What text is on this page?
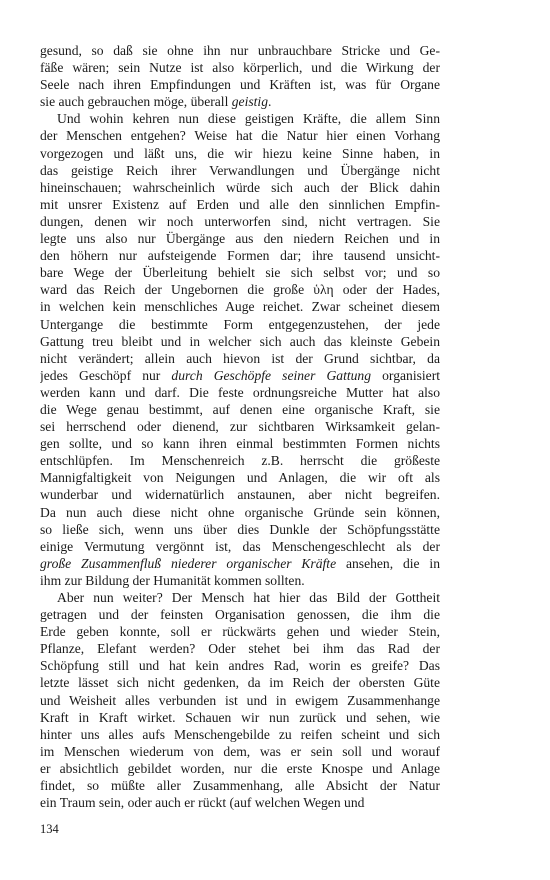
gesund, so daß sie ohne ihn nur unbrauchbare Stricke und Ge-
fäße wären; sein Nutze ist also körperlich, und die Wirkung der
Seele nach ihren Empfindungen und Kräften ist, was für Organe
sie auch gebrauchen möge, überall geistig.
Und wohin kehren nun diese geistigen Kräfte, die allem Sinn
der Menschen entgehen? Weise hat die Natur hier einen Vorhang
vorgezogen und läßt uns, die wir hiezu keine Sinne haben, in
das geistige Reich ihrer Verwandlungen und Übergänge nicht
hineinschauen; wahrscheinlich würde sich auch der Blick dahin
mit unsrer Existenz auf Erden und alle den sinnlichen Empfin-
dungen, denen wir noch unterworfen sind, nicht vertragen. Sie
legte uns also nur Übergänge aus den niedern Reichen und in
den höhern nur aufsteigende Formen dar; ihre tausend unsicht-
bare Wege der Überleitung behielt sie sich selbst vor; und so
ward das Reich der Ungebornen die große ὑλη oder der Hades,
in welchen kein menschliches Auge reichet. Zwar scheinet diesem
Untergange die bestimmte Form entgegenzustehen, der jede
Gattung treu bleibt und in welcher sich auch das kleinste Gebein
nicht verändert; allein auch hievon ist der Grund sichtbar, da
jedes Geschöpf nur durch Geschöpfe seiner Gattung organisiert
werden kann und darf. Die feste ordnungsreiche Mutter hat also
die Wege genau bestimmt, auf denen eine organische Kraft, sie
sei herrschend oder dienend, zur sichtbaren Wirksamkeit gelan-
gen sollte, und so kann ihren einmal bestimmten Formen nichts
entschlüpfen. Im Menschenreich z.B. herrscht die größeste
Mannigfaltigkeit von Neigungen und Anlagen, die wir oft als
wunderbar und widernatürlich anstaunen, aber nicht begreifen.
Da nun auch diese nicht ohne organische Gründe sein können,
so ließe sich, wenn uns über dies Dunkle der Schöpfungsstätte
einige Vermutung vergönnt ist, das Menschengeschlecht als der
große Zusammenfluß niederer organischer Kräfte ansehen, die in
ihm zur Bildung der Humanität kommen sollten.
Aber nun weiter? Der Mensch hat hier das Bild der Gottheit
getragen und der feinsten Organisation genossen, die ihm die
Erde geben konnte, soll er rückwärts gehen und wieder Stein,
Pflanze, Elefant werden? Oder stehet bei ihm das Rad der
Schöpfung still und hat kein andres Rad, worin es greife? Das
letzte lässet sich nicht gedenken, da im Reich der obersten Güte
und Weisheit alles verbunden ist und in ewigem Zusammenhange
Kraft in Kraft wirket. Schauen wir nun zurück und sehen, wie
hinter uns alles aufs Menschengebilde zu reifen scheint und sich
im Menschen wiederum von dem, was er sein soll und worauf
er absichtlich gebildet worden, nur die erste Knospe und Anlage
findet, so müßte aller Zusammenhang, alle Absicht der Natur
ein Traum sein, oder auch er rückt (auf welchen Wegen und
134
